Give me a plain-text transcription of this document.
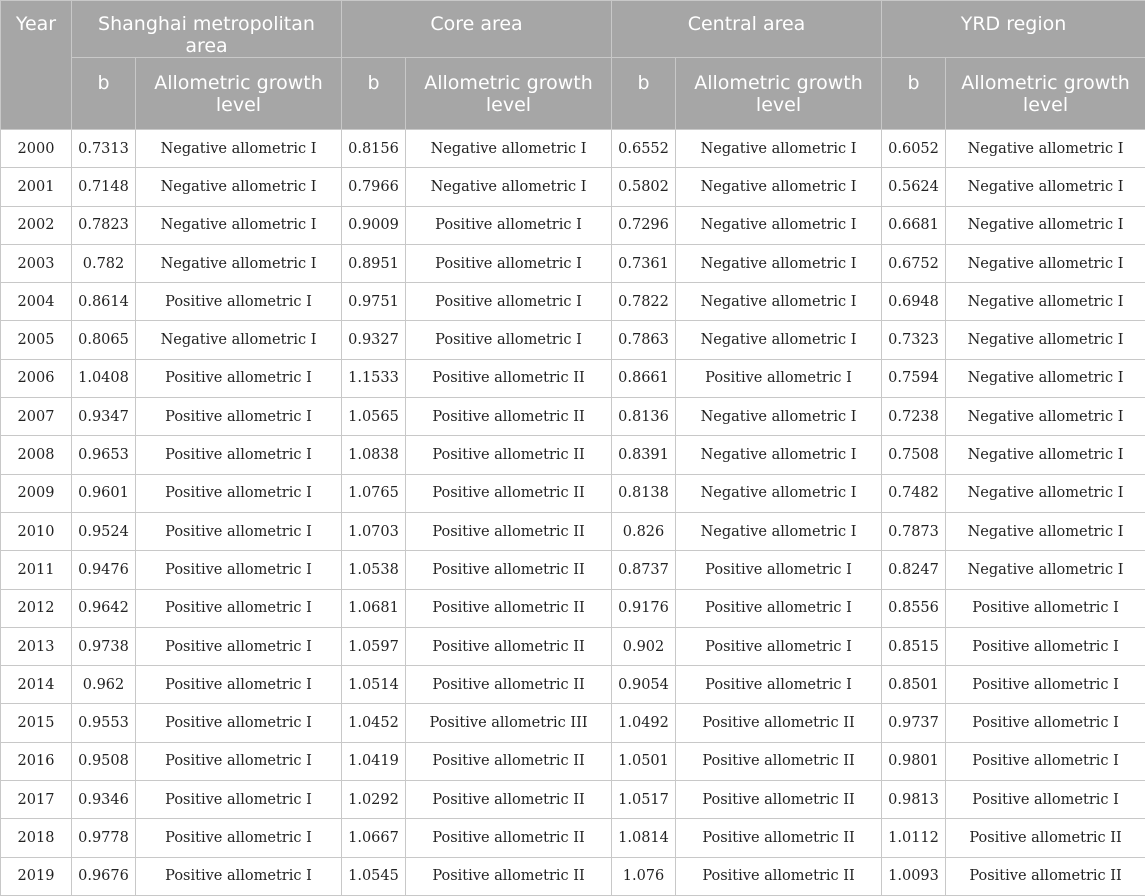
Year	Shanghai metropolitan area		Core area		Central area		YRD region	
	b	Allometric growth level	b	Allometric growth level	b	Allometric growth level	b	Allometric growth level
2000	0.7313	Negative allometric I	0.8156	Negative allometric I	0.6552	Negative allometric I	0.6052	Negative allometric I
2001	0.7148	Negative allometric I	0.7966	Negative allometric I	0.5802	Negative allometric I	0.5624	Negative allometric I
2002	0.7823	Negative allometric I	0.9009	Positive allometric I	0.7296	Negative allometric I	0.6681	Negative allometric I
2003	0.782	Negative allometric I	0.8951	Positive allometric I	0.7361	Negative allometric I	0.6752	Negative allometric I
2004	0.8614	Positive allometric I	0.9751	Positive allometric I	0.7822	Negative allometric I	0.6948	Negative allometric I
2005	0.8065	Negative allometric I	0.9327	Positive allometric I	0.7863	Negative allometric I	0.7323	Negative allometric I
2006	1.0408	Positive allometric I	1.1533	Positive allometric II	0.8661	Positive allometric I	0.7594	Negative allometric I
2007	0.9347	Positive allometric I	1.0565	Positive allometric II	0.8136	Negative allometric I	0.7238	Negative allometric I
2008	0.9653	Positive allometric I	1.0838	Positive allometric II	0.8391	Negative allometric I	0.7508	Negative allometric I
2009	0.9601	Positive allometric I	1.0765	Positive allometric II	0.8138	Negative allometric I	0.7482	Negative allometric I
2010	0.9524	Positive allometric I	1.0703	Positive allometric II	0.826	Negative allometric I	0.7873	Negative allometric I
2011	0.9476	Positive allometric I	1.0538	Positive allometric II	0.8737	Positive allometric I	0.8247	Negative allometric I
2012	0.9642	Positive allometric I	1.0681	Positive allometric II	0.9176	Positive allometric I	0.8556	Positive allometric I
2013	0.9738	Positive allometric I	1.0597	Positive allometric II	0.902	Positive allometric I	0.8515	Positive allometric I
2014	0.962	Positive allometric I	1.0514	Positive allometric II	0.9054	Positive allometric I	0.8501	Positive allometric I
2015	0.9553	Positive allometric I	1.0452	Positive allometric III	1.0492	Positive allometric II	0.9737	Positive allometric I
2016	0.9508	Positive allometric I	1.0419	Positive allometric II	1.0501	Positive allometric II	0.9801	Positive allometric I
2017	0.9346	Positive allometric I	1.0292	Positive allometric II	1.0517	Positive allometric II	0.9813	Positive allometric I
2018	0.9778	Positive allometric I	1.0667	Positive allometric II	1.0814	Positive allometric II	1.0112	Positive allometric II
2019	0.9676	Positive allometric I	1.0545	Positive allometric II	1.076	Positive allometric II	1.0093	Positive allometric II
